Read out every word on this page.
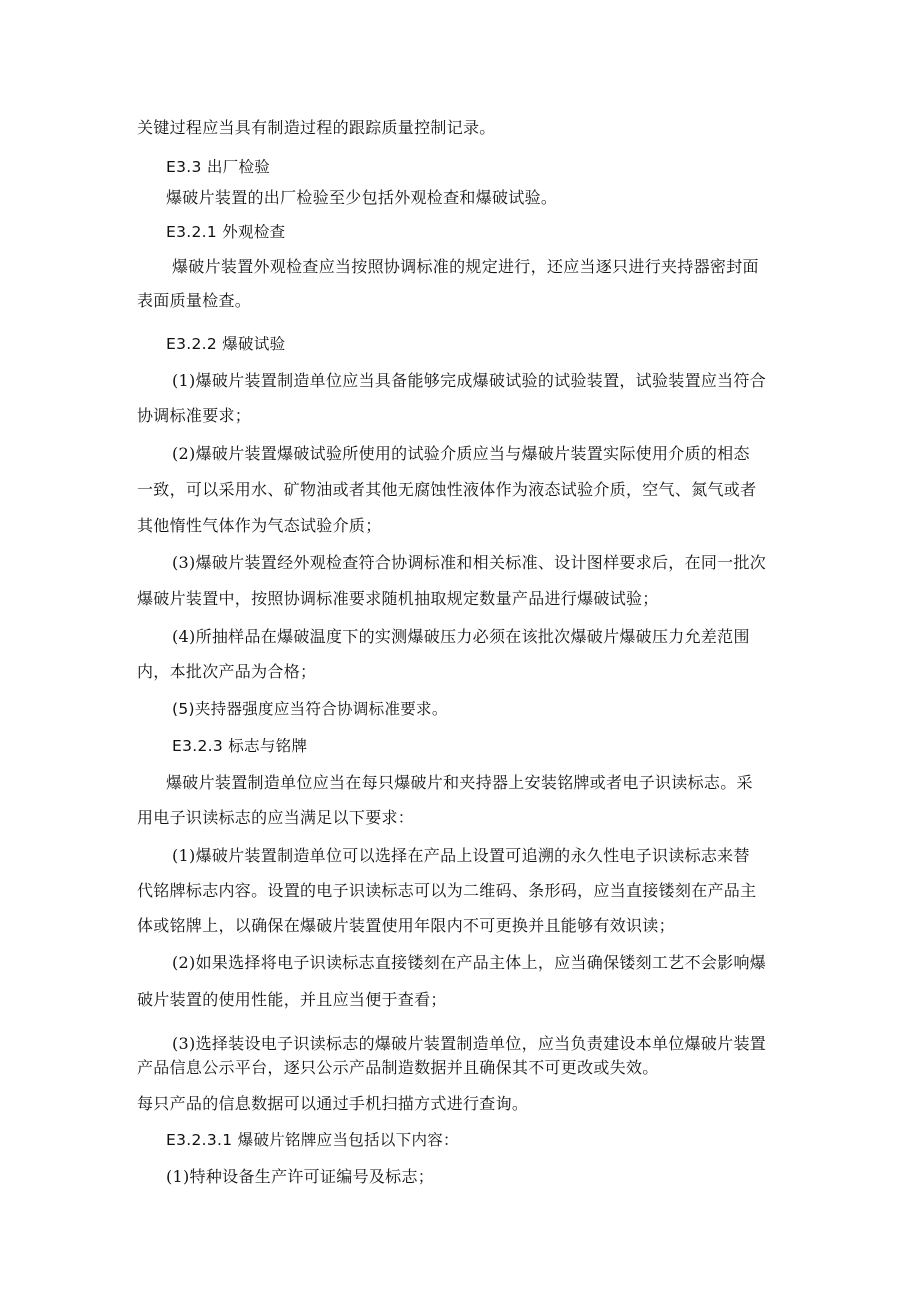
关键过程应当具有制造过程的跟踪质量控制记录。
E3.3 出厂检验
爆破片装置的出厂检验至少包括外观检查和爆破试验。
E3.2.1 外观检查
爆破片装置外观检查应当按照协调标准的规定进行，还应当逐只进行夹持器密封面
表面质量检查。
E3.2.2 爆破试验
(1)爆破片装置制造单位应当具备能够完成爆破试验的试验装置，试验装置应当符合
协调标准要求；
(2)爆破片装置爆破试验所使用的试验介质应当与爆破片装置实际使用介质的相态
一致，可以采用水、矿物油或者其他无腐蚀性液体作为液态试验介质，空气、氮气或者
其他惰性气体作为气态试验介质；
(3)爆破片装置经外观检查符合协调标准和相关标准、设计图样要求后，在同一批次
爆破片装置中，按照协调标准要求随机抽取规定数量产品进行爆破试验；
(4)所抽样品在爆破温度下的实测爆破压力必须在该批次爆破片爆破压力允差范围
内，本批次产品为合格；
(5)夹持器强度应当符合协调标准要求。
E3.2.3 标志与铭牌
爆破片装置制造单位应当在每只爆破片和夹持器上安装铭牌或者电子识读标志。采
用电子识读标志的应当满足以下要求：
(1)爆破片装置制造单位可以选择在产品上设置可追溯的永久性电子识读标志来替
代铭牌标志内容。设置的电子识读标志可以为二维码、条形码，应当直接镂刻在产品主
体或铭牌上，以确保在爆破片装置使用年限内不可更换并且能够有效识读；
(2)如果选择将电子识读标志直接镂刻在产品主体上，应当确保镂刻工艺不会影响爆
破片装置的使用性能，并且应当便于查看；
(3)选择装设电子识读标志的爆破片装置制造单位，应当负责建设本单位爆破片装置
产品信息公示平台，逐只公示产品制造数据并且确保其不可更改或失效。
每只产品的信息数据可以通过手机扫描方式进行查询。
E3.2.3.1 爆破片铭牌应当包括以下内容：
(1)特种设备生产许可证编号及标志；
